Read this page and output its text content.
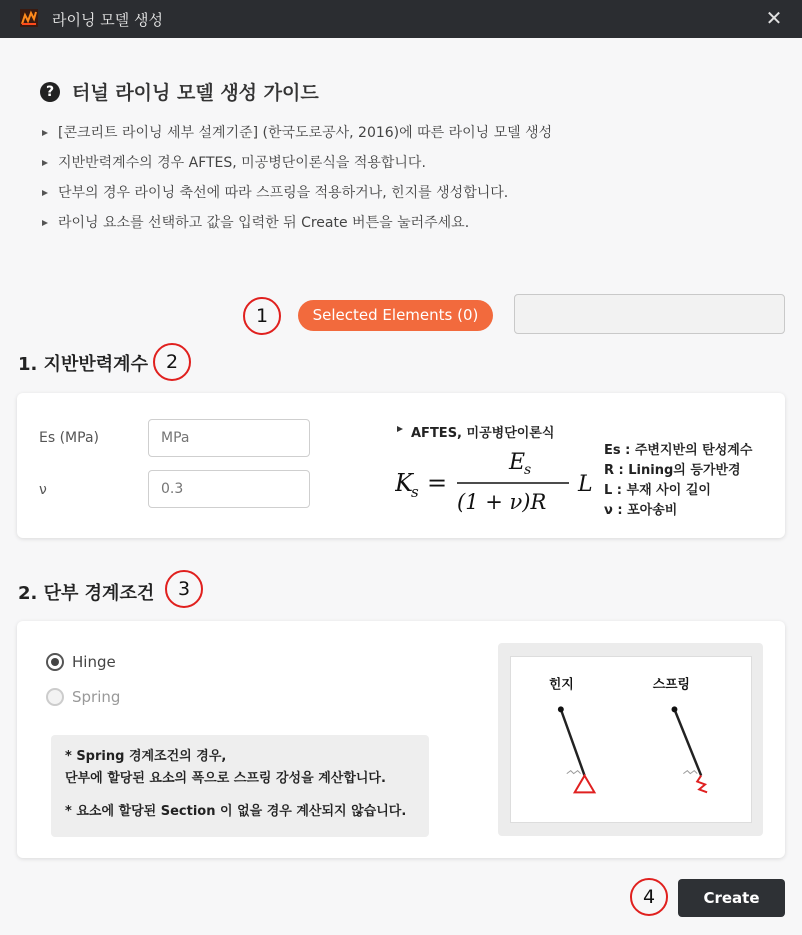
라이닝 모델 생성	✕
? 터널 라이닝 모델 생성 가이드
[콘크리트 라이닝 세부 설계기준] (한국도로공사, 2016)에 따른 라이닝 모델 생성
지반반력계수의 경우 AFTES, 미공병단이론식을 적용합니다.
단부의 경우 라이닝 축선에 따라 스프링을 적용하거나, 힌지를 생성합니다.
라이닝 요소를 선택하고 값을 입력한 뒤 Create 버튼을 눌러주세요.
1	Selected Elements (0)
1. 지반반력계수 2
Es (MPa)
MPa
ν
0.3
AFTES, 미공병단이론식
K
s =
E
s
(1 + ν)R
L
Es : 주변지반의 탄성계수
R : Lining의 등가반경
L : 부재 사이 길이
ν : 포아송비
2. 단부 경계조건	3
Hinge
Spring

* Spring 경계조건의 경우,
단부에 할당된 요소의 폭으로 스프링 강성을 계산합니다.

* 요소에 할당된 Section 이 없을 경우 계산되지 않습니다.

힌지	스프링
4	Create
